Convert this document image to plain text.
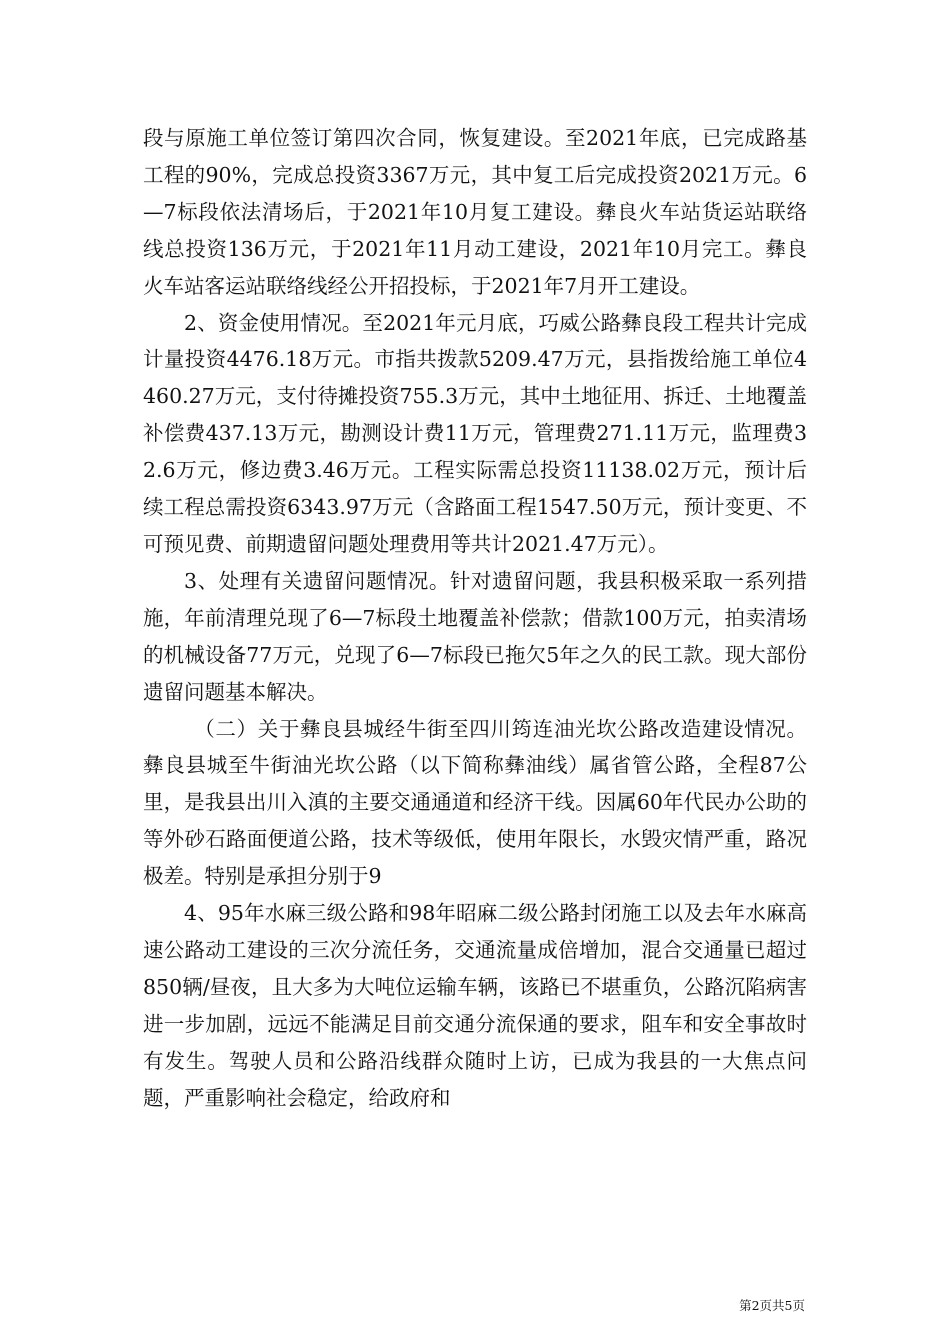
段与原施工单位签订第四次合同，恢复建设。至2021年底，已完成路基工程的90%，完成总投资3367万元，其中复工后完成投资2021万元。6—7标段依法清场后，于2021年10月复工建设。彝良火车站货运站联络线总投资136万元，于2021年11月动工建设，2021年10月完工。彝良火车站客运站联络线经公开招投标，于2021年7月开工建设。

2、资金使用情况。至2021年元月底，巧威公路彝良段工程共计完成计量投资4476.18万元。市指共拨款5209.47万元，县指拨给施工单位4460.27万元，支付待摊投资755.3万元，其中土地征用、拆迁、土地覆盖补偿费437.13万元，勘测设计费11万元，管理费271.11万元，监理费32.6万元，修边费3.46万元。工程实际需总投资11138.02万元，预计后续工程总需投资6343.97万元（含路面工程1547.50万元，预计变更、不可预见费、前期遗留问题处理费用等共计2021.47万元）。

3、处理有关遗留问题情况。针对遗留问题，我县积极采取一系列措施，年前清理兑现了6—7标段土地覆盖补偿款；借款100万元，拍卖清场的机械设备77万元，兑现了6—7标段已拖欠5年之久的民工款。现大部份遗留问题基本解决。

（二）关于彝良县城经牛街至四川筠连油光坎公路改造建设情况。彝良县城至牛街油光坎公路（以下简称彝油线）属省管公路，全程87公里，是我县出川入滇的主要交通通道和经济干线。因属60年代民办公助的等外砂石路面便道公路，技术等级低，使用年限长，水毁灾情严重，路况极差。特别是承担分别于9

4、95年水麻三级公路和98年昭麻二级公路封闭施工以及去年水麻高速公路动工建设的三次分流任务，交通流量成倍增加，混合交通量已超过850辆/昼夜，且大多为大吨位运输车辆，该路已不堪重负，公路沉陷病害进一步加剧，远远不能满足目前交通分流保通的要求，阻车和安全事故时有发生。驾驶人员和公路沿线群众随时上访，已成为我县的一大焦点问题，严重影响社会稳定，给政府和

第2页共5页
